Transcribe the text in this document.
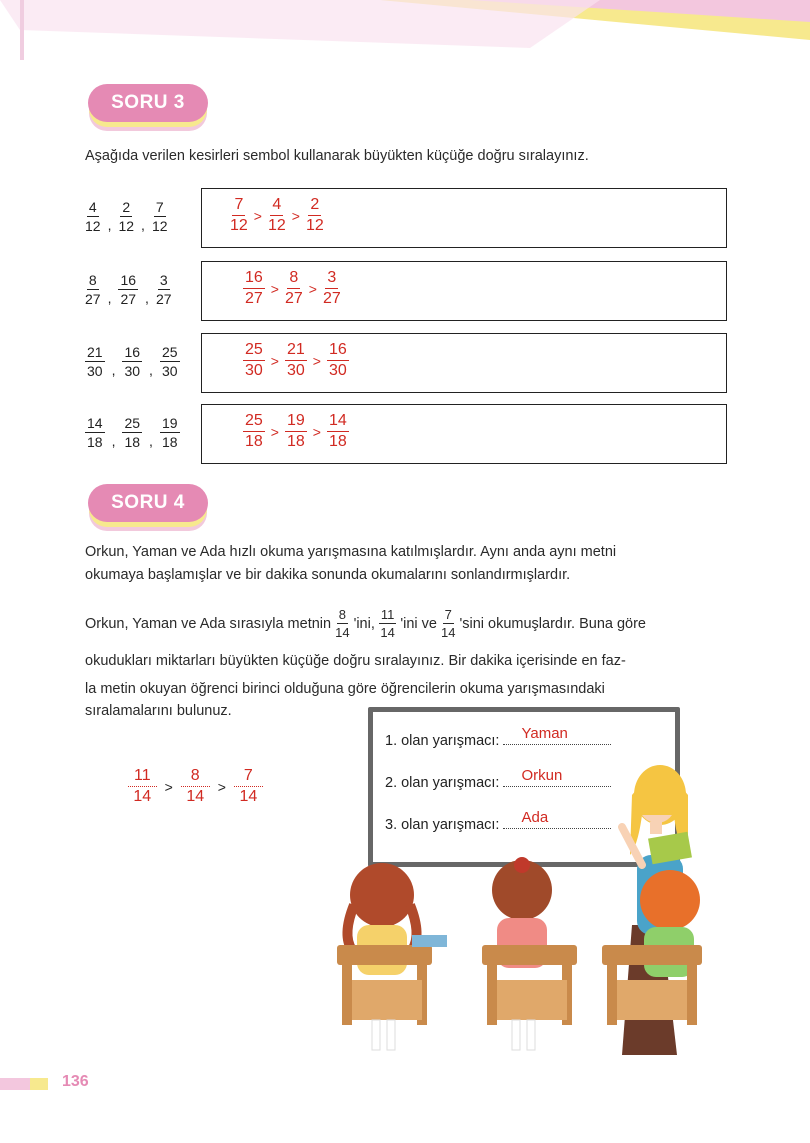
SORU 3
Aşağıda verilen kesirleri sembol kullanarak büyükten küçüğe doğru sıralayınız.
$\frac{4}{12}$ , $\frac{2}{12}$ , $\frac{7}{12}$	$\frac{7}{12} > \frac{4}{12} > \frac{2}{12}$
$\frac{8}{27}$ , $\frac{16}{27}$ , $\frac{3}{27}$	$\frac{16}{27} > \frac{8}{27} > \frac{3}{27}$
$\frac{21}{30}$ , $\frac{16}{30}$ , $\frac{25}{30}$	$\frac{25}{30} > \frac{21}{30} > \frac{16}{30}$
$\frac{14}{18}$ , $\frac{25}{18}$ , $\frac{19}{18}$	$\frac{25}{18} > \frac{19}{18} > \frac{14}{18}$
SORU 4
Orkun, Yaman ve Ada hızlı okuma yarışmasına katılmışlardır. Aynı anda aynı metni
okumaya başlamışlar ve bir dakika sonunda okumalarını sonlandırmışlardır.
Orkun, Yaman ve Ada sırasıyla metnin $\frac{8}{14}$ 'ini, $\frac{11}{14}$ 'ini ve $\frac{7}{14}$ 'sini okumuşlardır. Buna göre
okudukları miktarları büyükten küçüğe doğru sıralayınız. Bir dakika içerisinde en faz-
la metin okuyan öğrenci birinci olduğuna göre öğrencilerin okuma yarışmasındaki
sıralamalarını bulunuz.
$\frac{11}{14} > \frac{8}{14} > \frac{7}{14}$
1. olan yarışmacı: Yaman
2. olan yarışmacı: Orkun
3. olan yarışmacı: Ada
136
